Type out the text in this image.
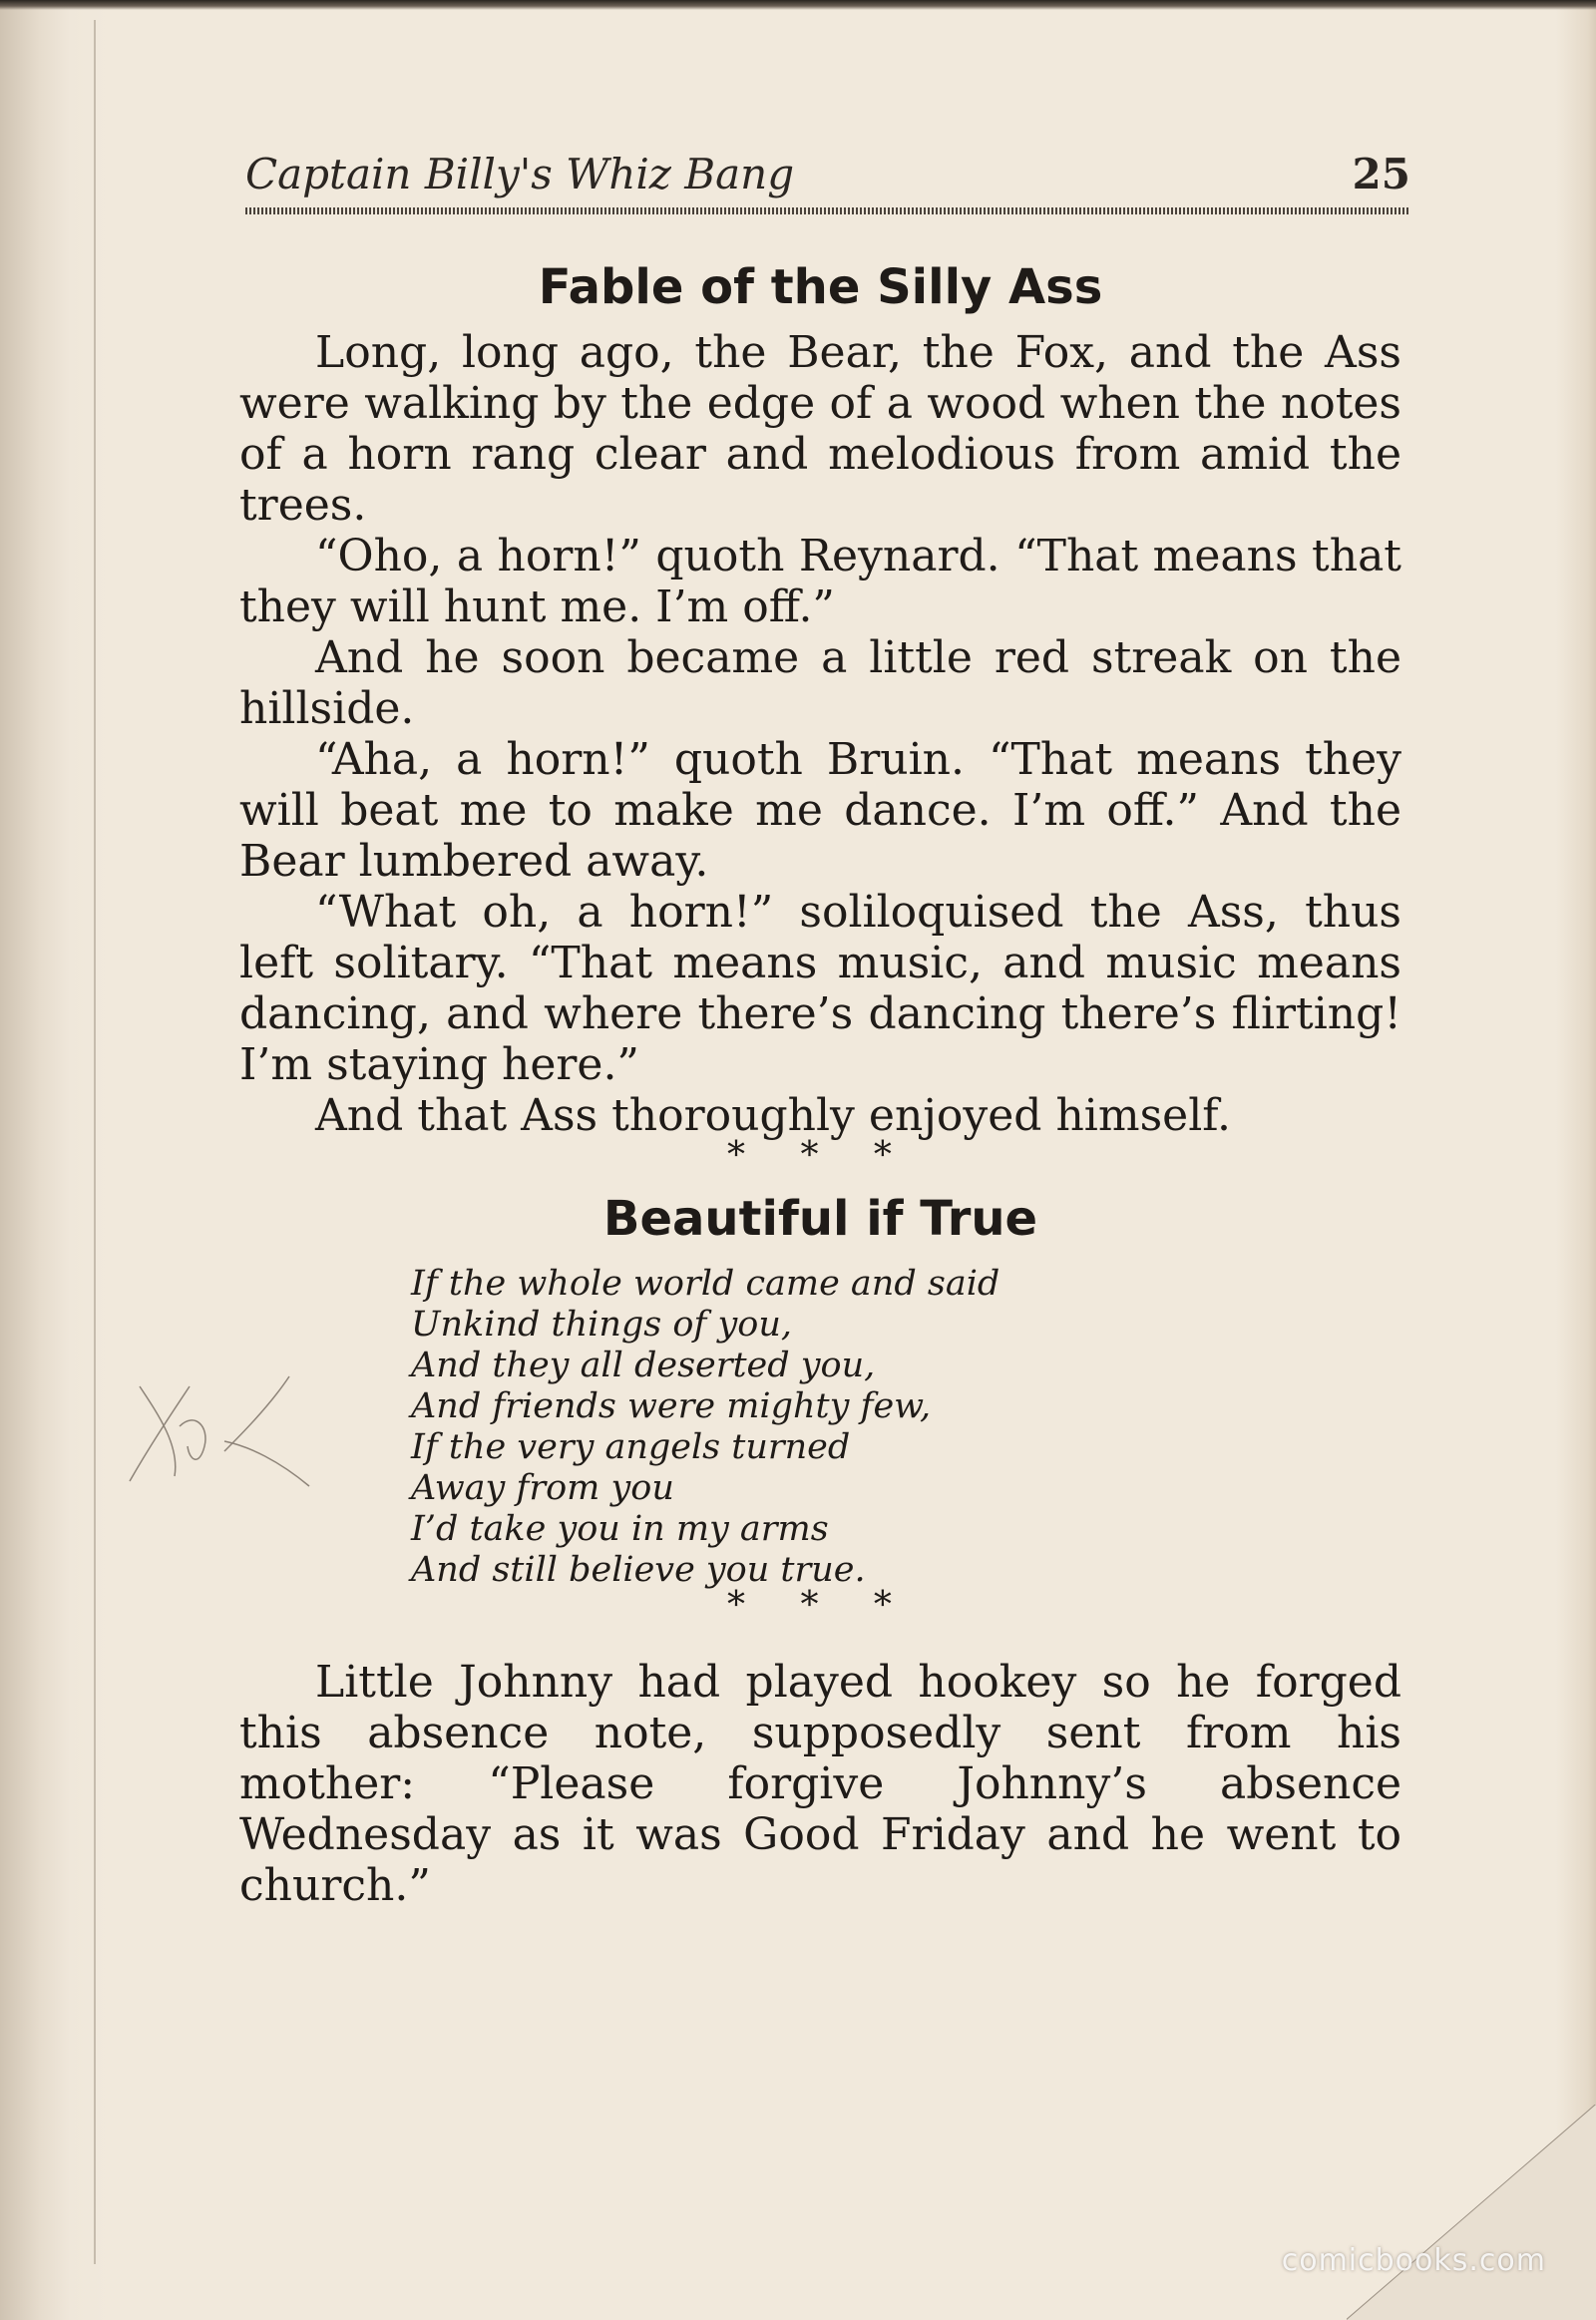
Captain Billy's Whiz Bang	25
Fable of the Silly Ass

Long, long ago, the Bear, the Fox, and the Ass were walking by the edge of a wood when the notes of a horn rang clear and melodious from amid the trees.

“Oho, a horn!” quoth Reynard. “That means that they will hunt me. I’m off.”

And he soon became a little red streak on the hillside.

“Aha, a horn!” quoth Bruin. “That means they will beat me to make me dance. I’m off.” And the Bear lumbered away.

“What oh, a horn!” soliloquised the Ass, thus left solitary. “That means music, and music means dancing, and where there’s dancing there’s flirting! I’m staying here.”

And that Ass thoroughly enjoyed himself.

* * *
Beautiful if True
If the whole world came and said
Unkind things of you,
And they all deserted you,
And friends were mighty few,
If the very angels turned
Away from you
I’d take you in my arms
And still believe you true.
* * *

Little Johnny had played hookey so he forged this absence note, supposedly sent from his mother: “Please forgive Johnny’s absence Wednesday as it was Good Friday and he went to church.”

comicbooks.com
